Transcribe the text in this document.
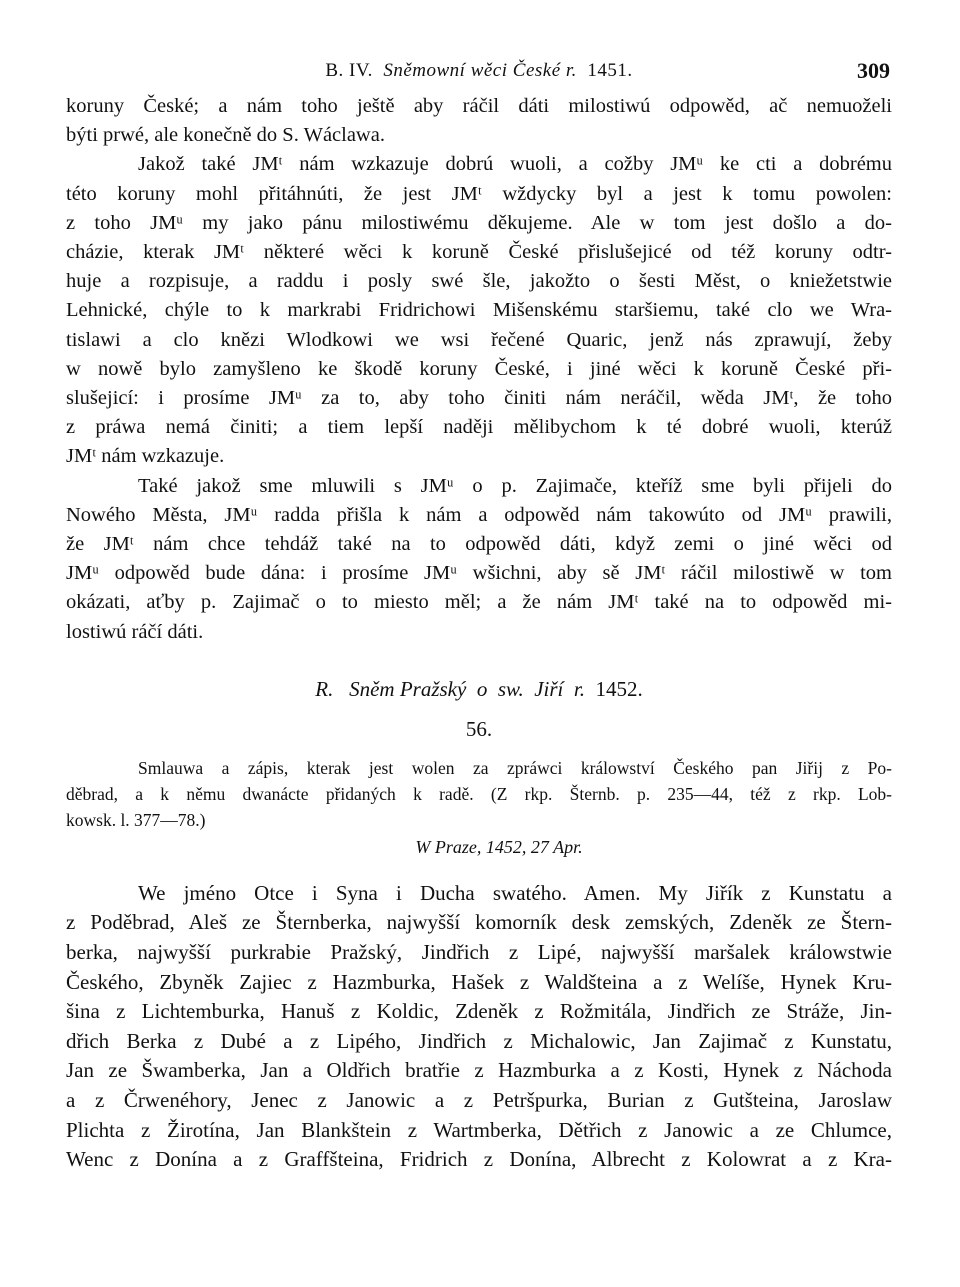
B. IV. Sněmowní wěci České r. 1451.	309
koruny České; a nám toho ještě aby ráčil dáti milostiwú odpowěd, ač nemuoželi
býti prwé, ale konečně do S. Wáclawa.
Jakož také JMᵗ nám wzkazuje dobrú wuoli, a cožby JMᵘ ke cti a dobrému
této koruny mohl přitáhnúti, že jest JMᵗ wždycky byl a jest k tomu powolen:
z toho JMᵘ my jako pánu milostiwému děkujeme. Ale w tom jest došlo a do-
cházie, kterak JMᵗ některé wěci k koruně České přislušejicé od též koruny odtr-
huje a rozpisuje, a raddu i posly swé šle, jakožto o šesti Měst, o kniežetstwie
Lehnické, chýle to k markrabi Fridrichowi Mišenskému staršiemu, také clo we Wra-
tislawi a clo knězi Wlodkowi we wsi řečené Quaric, jenž nás zprawují, žeby
w nowě bylo zamyšleno ke škodě koruny České, i jiné wěci k koruně České při-
slušejicí: i prosíme JMᵘ za to, aby toho činiti nám neráčil, wěda JMᵗ, že toho
z práwa nemá činiti; a tiem lepší naději mělibychom k té dobré wuoli, kterúž
JMᵗ nám wzkazuje.
Také jakož sme mluwili s JMᵘ o p. Zajimače, kteříž sme byli přijeli do
Nowého Města, JMᵘ radda přišla k nám a odpowěd nám takowúto od JMᵘ prawili,
že JMᵗ nám chce tehdáž také na to odpowěd dáti, když zemi o jiné wěci od
JMᵘ odpowěd bude dána: i prosíme JMᵘ wšichni, aby sě JMᵗ ráčil milostiwě w tom
okázati, aťby p. Zajimač o to miesto měl; a že nám JMᵗ také na to odpowěd mi-
lostiwú ráčí dáti.
R. Sněm Pražský o sw. Jiří r. 1452.
56.
Smlauwa a zápis, kterak jest wolen za zpráwci králowství Českého pan Jiřij z Po-
děbrad, a k němu dwanácte přidaných k radě. (Z rkp. Šternb. p. 235—44, též z rkp. Lob-
kowsk. l. 377—78.)
W Praze, 1452, 27 Apr.
We jméno Otce i Syna i Ducha swatého. Amen. My Jiřík z Kunstatu a
z Poděbrad, Aleš ze Šternberka, najwyšší komorník desk zemských, Zdeněk ze Štern-
berka, najwyšší purkrabie Pražský, Jindřich z Lipé, najwyšší maršalek králowstwie
Českého, Zbyněk Zajiec z Hazmburka, Hašek z Waldšteina a z Welíše, Hynek Kru-
šina z Lichtemburka, Hanuš z Koldic, Zdeněk z Rožmitála, Jindřich ze Stráže, Jin-
dřich Berka z Dubé a z Lipého, Jindřich z Michalowic, Jan Zajimač z Kunstatu,
Jan ze Šwamberka, Jan a Oldřich bratřie z Hazmburka a z Kosti, Hynek z Náchoda
a z Črwenéhory, Jenec z Janowic a z Petršpurka, Burian z Gutšteina, Jaroslaw
Plichta z Žirotína, Jan Blankštein z Wartmberka, Dětřich z Janowic a ze Chlumce,
Wenc z Donína a z Graffšteina, Fridrich z Donína, Albrecht z Kolowrat a z Kra-
